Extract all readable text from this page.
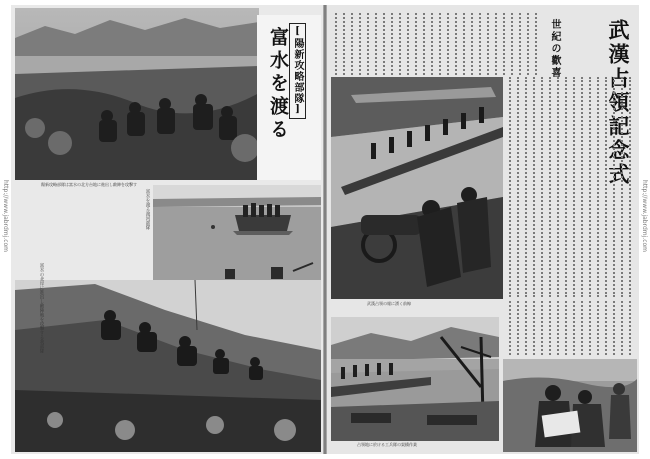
陽新攻略部隊は富水の北方台地に進出し敵陣を攻撃す
[陽新攻略部隊]
富水を渡る
富水を渡る渡河部隊
富水の北岸に進出し敵陣地を攻撃する我部隊
世紀の歡喜 武漢占領記念式
武漢占領の報に湧く前線
占領地に於ける工兵隊の架橋作業
http://www.jabrdmj.com	http://www.jabrdmj.com
